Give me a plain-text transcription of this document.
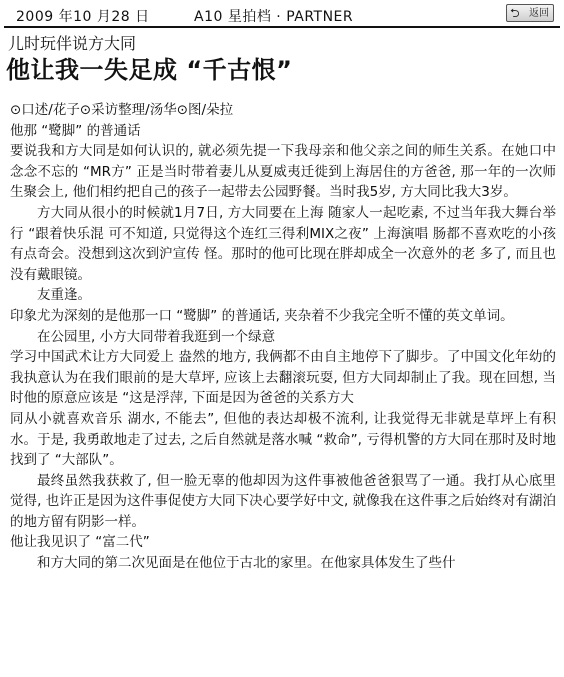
2009 年10 月28 日	A10 星拍档 · PARTNER	⮌ 返回
儿时玩伴说方大同
他让我一失足成 “千古恨”

⊙口述/花子⊙采访整理/汤华⊙图/朵拉

他那 “鹭脚” 的普通话

要说我和方大同是如何认识的, 就必须先提一下我母亲和他父亲之间的师生关系。在她口中念念不忘的 “MR方” 正是当时带着妻儿从夏威夷迁徙到上海居住的方爸爸, 那一年的一次师生聚会上, 他们相约把自己的孩子一起带去公园野餐。当时我5岁, 方大同比我大3岁。

方大同从很小的时候就1月7日, 方大同要在上海 随家人一起吃素, 不过当年我大舞台举行 “跟着快乐混 可不知道, 只觉得这个连红三得利MIX之夜” 上海演唱 肠都不喜欢吃的小孩有点奇会。没想到这次到沪宣传 怪。那时的他可比现在胖却成全一次意外的老 多了, 而且也没有戴眼镜。

友重逢。

印象尤为深刻的是他那一口 “鹭脚” 的普通话, 夹杂着不少我完全听不懂的英文单词。

在公园里, 小方大同带着我逛到一个绿意

学习中国武术让方大同爱上 盎然的地方, 我俩都不由自主地停下了脚步。了中国文化年幼的我执意认为在我们眼前的是大草坪, 应该上去翻滚玩耍, 但方大同却制止了我。现在回想, 当时他的原意应该是 “这是浮萍, 下面是因为爸爸的关系方大

同从小就喜欢音乐 湖水, 不能去”, 但他的表达却极不流利, 让我觉得无非就是草坪上有积水。于是, 我勇敢地走了过去, 之后自然就是落水喊 “救命”, 亏得机警的方大同在那时及时地找到了 “大部队”。

最终虽然我获救了, 但一脸无辜的他却因为这件事被他爸爸狠骂了一通。我打从心底里觉得, 也许正是因为这件事促使方大同下决心要学好中文, 就像我在这件事之后始终对有湖泊的地方留有阴影一样。

他让我见识了 “富二代”

和方大同的第二次见面是在他位于古北的家里。在他家具体发生了些什
